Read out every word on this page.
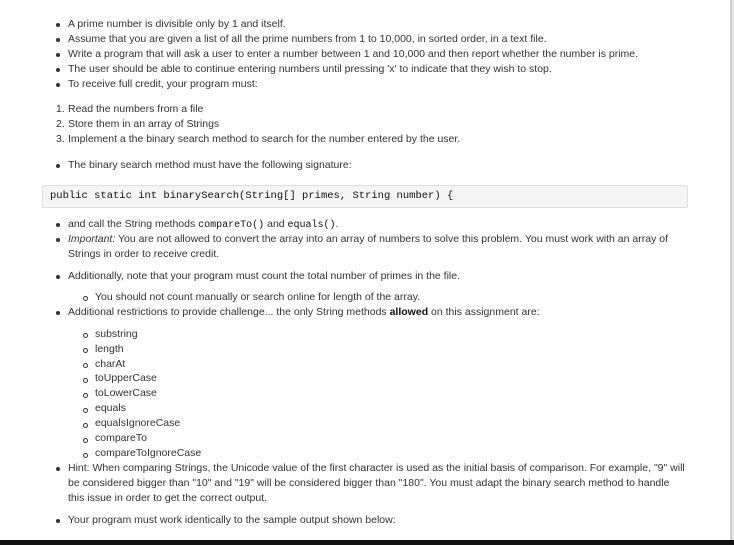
A prime number is divisible only by 1 and itself.
Assume that you are given a list of all the prime numbers from 1 to 10,000, in sorted order, in a text file.
Write a program that will ask a user to enter a number between 1 and 10,000 and then report whether the number is prime.
The user should be able to continue entering numbers until pressing 'x' to indicate that they wish to stop.
To receive full credit, your program must:
1. Read the numbers from a file
2. Store them in an array of Strings
3. Implement a the binary search method to search for the number entered by the user.
The binary search method must have the following signature:
public static int binarySearch(String[] primes, String number) {
and call the String methods compareTo() and equals().
Important: You are not allowed to convert the array into an array of numbers to solve this problem. You must work with an array of Strings in order to receive credit.
Additionally, note that your program must count the total number of primes in the file.
You should not count manually or search online for length of the array.
Additional restrictions to provide challenge... the only String methods allowed on this assignment are:
substring
length
charAt
toUpperCase
toLowerCase
equals
equalsIgnoreCase
compareTo
compareToIgnoreCase
Hint: When comparing Strings, the Unicode value of the first character is used as the initial basis of comparison. For example, "9" will be considered bigger than "10" and "19" will be considered bigger than "180". You must adapt the binary search method to handle this issue in order to get the correct output.
Your program must work identically to the sample output shown below:
